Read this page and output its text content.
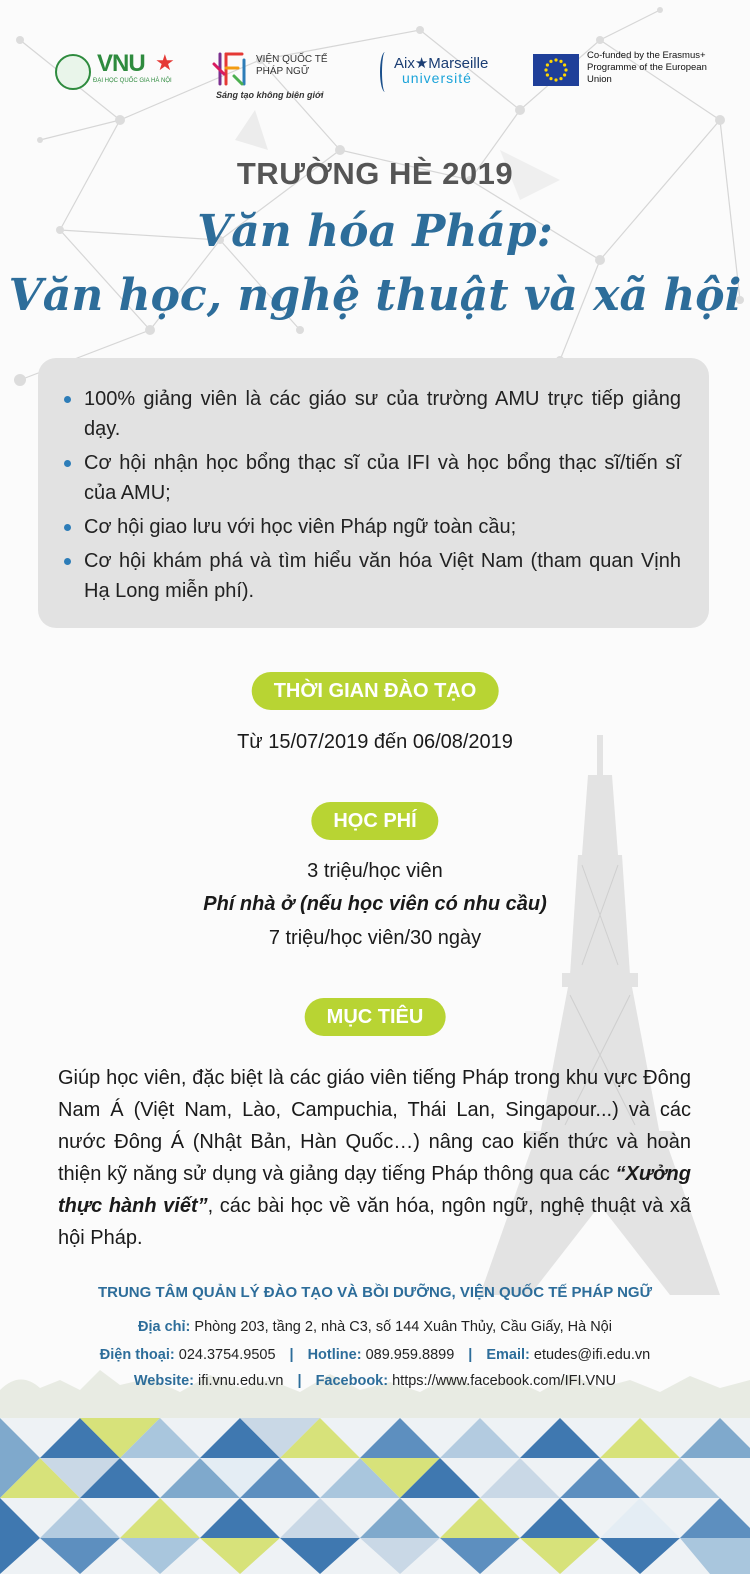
VNU ★
ĐẠI HỌC QUỐC GIA HÀ NỘI
VIỆN QUỐC TẾ PHÁP NGỮ
Sáng tạo không biên giới
Aix★Marseille
université
Co-funded by the Erasmus+ Programme of the European Union
TRƯỜNG HÈ 2019
Văn hóa Pháp:
Văn học, nghệ thuật và xã hội
100% giảng viên là các giáo sư của trường AMU trực tiếp giảng dạy.
Cơ hội nhận học bổng thạc sĩ của IFI và học bổng thạc sĩ/tiến sĩ của AMU;
Cơ hội giao lưu với học viên Pháp ngữ toàn cầu;
Cơ hội khám phá và tìm hiểu văn hóa Việt Nam (tham quan Vịnh Hạ Long miễn phí).
THỜI GIAN ĐÀO TẠO
Từ 15/07/2019 đến 06/08/2019
HỌC PHÍ
3 triệu/học viên
Phí nhà ở (nếu học viên có nhu cầu)
7 triệu/học viên/30 ngày
MỤC TIÊU
Giúp học viên, đặc biệt là các giáo viên tiếng Pháp trong khu vực Đông Nam Á (Việt Nam, Lào, Campuchia, Thái Lan, Singapour...) và các nước Đông Á (Nhật Bản, Hàn Quốc…) nâng cao kiến thức và hoàn thiện kỹ năng sử dụng và giảng dạy tiếng Pháp thông qua các “Xưởng thực hành viết”, các bài học về văn hóa, ngôn ngữ, nghệ thuật và xã hội Pháp.
TRUNG TÂM QUẢN LÝ ĐÀO TẠO VÀ BỒI DƯỠNG, VIỆN QUỐC TẾ PHÁP NGỮ
Địa chỉ: Phòng 203, tầng 2, nhà C3, số 144 Xuân Thủy, Cầu Giấy, Hà Nội
Điện thoại: 024.3754.9505 | Hotline: 089.959.8899 | Email: etudes@ifi.edu.vn
Website: ifi.vnu.edu.vn | Facebook: https://www.facebook.com/IFI.VNU
